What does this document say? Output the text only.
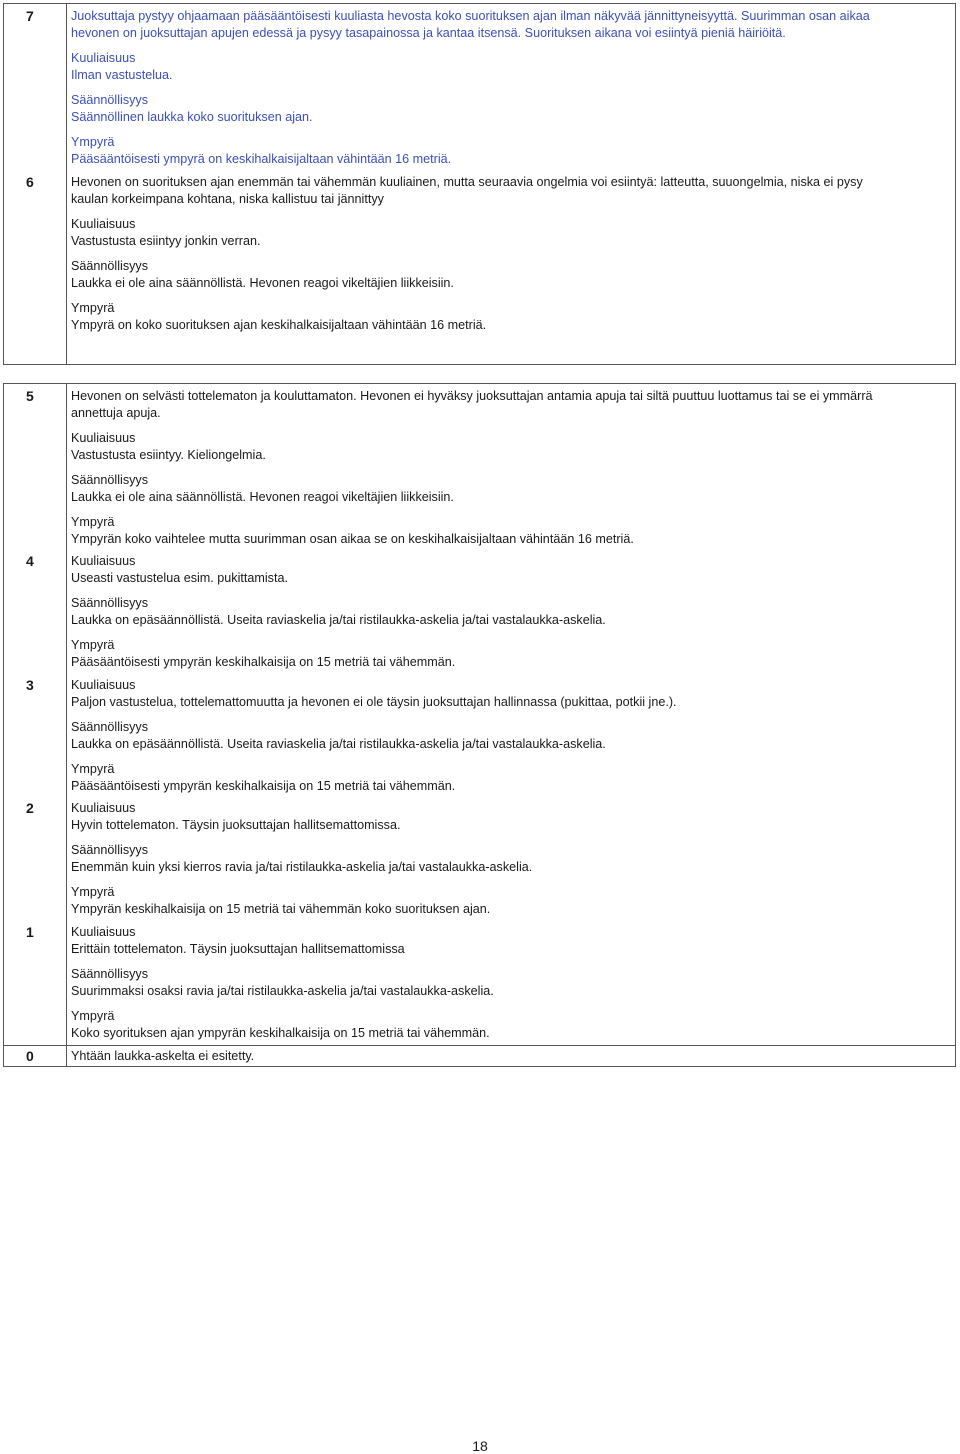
7	Juoksuttaja pystyy ohjaamaan pääsääntöisesti kuuliasta hevosta koko suorituksen ajan ilman näkyvää jännittyneisyyttä. Suurimman osan aikaa
hevonen on juoksuttajan apujen edessä ja pysyy tasapainossa ja kantaa itsensä. Suorituksen aikana voi esiintyä pieniä häiriöitä.
Kuuliaisuus
Ilman vastustelua.
Säännöllisyys
Säännöllinen laukka koko suorituksen ajan.
Ympyrä
Pääsääntöisesti ympyrä on keskihalkaisijaltaan vähintään 16 metriä.
6	Hevonen on suorituksen ajan enemmän tai vähemmän kuuliainen, mutta seuraavia ongelmia voi esiintyä: latteutta, suuongelmia, niska ei pysy
kaulan korkeimpana kohtana, niska kallistuu tai jännittyy
Kuuliaisuus
Vastustusta esiintyy jonkin verran.
Säännöllisyys
Laukka ei ole aina säännöllistä. Hevonen reagoi vikeltäjien liikkeisiin.
Ympyrä
Ympyrä on koko suorituksen ajan keskihalkaisijaltaan vähintään 16 metriä.
5	Hevonen on selvästi tottelematon ja kouluttamaton. Hevonen ei hyväksy juoksuttajan antamia apuja tai siltä puuttuu luottamus tai se ei ymmärrä
annettuja apuja.
Kuuliaisuus
Vastustusta esiintyy. Kieliongelmia.
Säännöllisyys
Laukka ei ole aina säännöllistä. Hevonen reagoi vikeltäjien liikkeisiin.
Ympyrä
Ympyrän koko vaihtelee mutta suurimman osan aikaa se on keskihalkaisijaltaan vähintään 16 metriä.
4	Kuuliaisuus
Useasti vastustelua esim. pukittamista.
Säännöllisyys
Laukka on epäsäännöllistä. Useita raviaskelia ja/tai ristilaukka-askelia ja/tai vastalaukka-askelia.
Ympyrä
Pääsääntöisesti ympyrän keskihalkaisija on 15 metriä tai vähemmän.
3	Kuuliaisuus
Paljon vastustelua, tottelemattomuutta ja hevonen ei ole täysin juoksuttajan hallinnassa (pukittaa, potkii jne.).
Säännöllisyys
Laukka on epäsäännöllistä. Useita raviaskelia ja/tai ristilaukka-askelia ja/tai vastalaukka-askelia.
Ympyrä
Pääsääntöisesti ympyrän keskihalkaisija on 15 metriä tai vähemmän.
2	Kuuliaisuus
Hyvin tottelematon. Täysin juoksuttajan hallitsemattomissa.
Säännöllisyys
Enemmän kuin yksi kierros ravia ja/tai ristilaukka-askelia ja/tai vastalaukka-askelia.
Ympyrä
Ympyrän keskihalkaisija on 15 metriä tai vähemmän koko suorituksen ajan.
1	Kuuliaisuus
Erittäin tottelematon. Täysin juoksuttajan hallitsemattomissa
Säännöllisyys
Suurimmaksi osaksi ravia ja/tai ristilaukka-askelia ja/tai vastalaukka-askelia.
Ympyrä
Koko syorituksen ajan ympyrän keskihalkaisija on 15 metriä tai vähemmän.
0	Yhtään laukka-askelta ei esitetty.
18
